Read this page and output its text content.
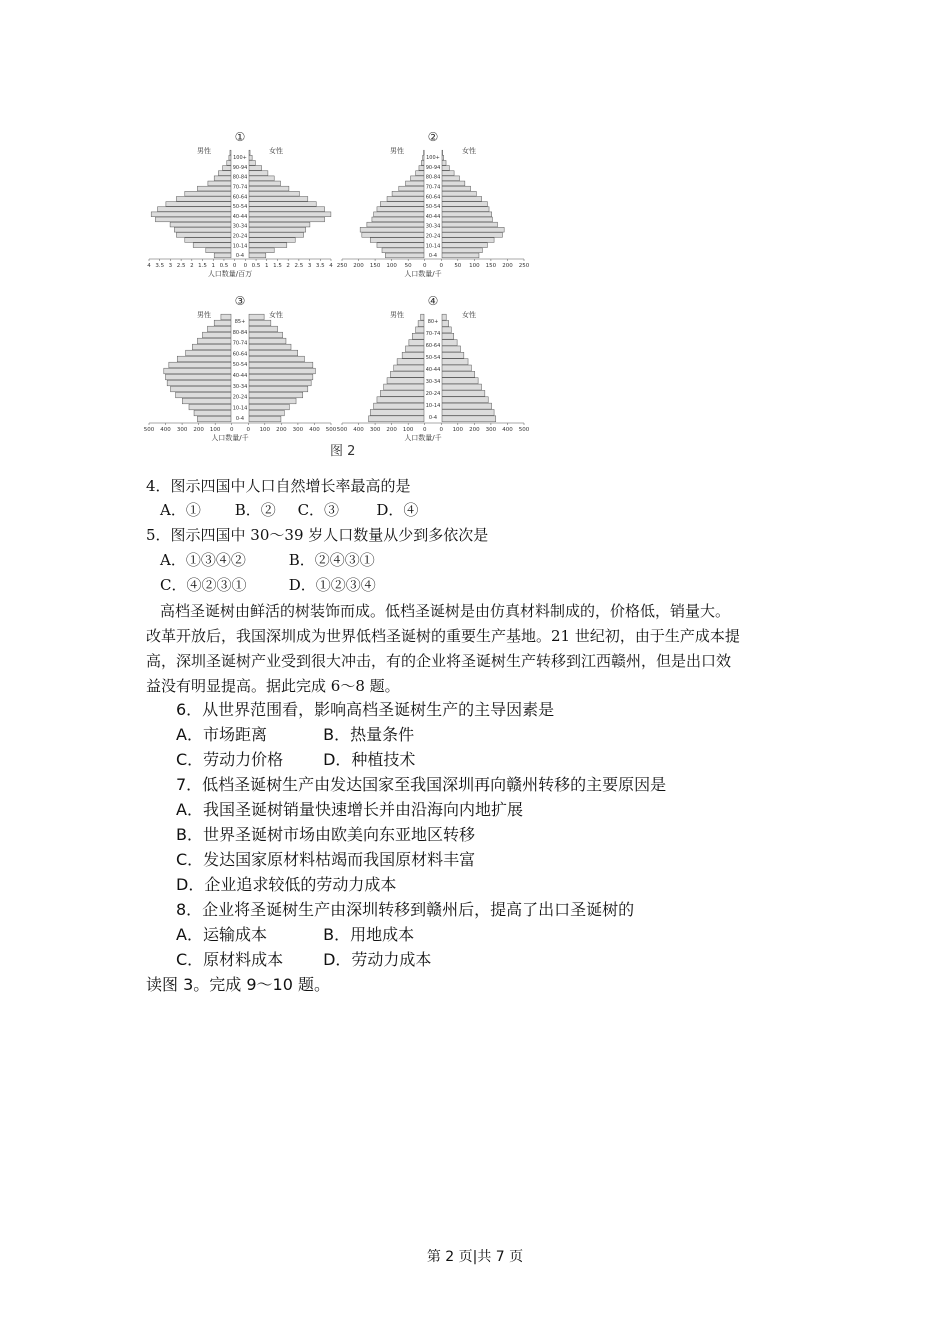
①
男性	女性
100+
90-94
80-84
70-74
60-64
50-54
40-44
30-34
20-24
10-14
0-4
4 3.5 3 2.5 2 1.5 1 0.5 0 0 0.5 1 1.5 2 2.5 3 3.5 4
人口数量/百万
②
男性	女性
100+
90-94
80-84
70-74
60-64
50-54
40-44
30-34
20-24
10-14
0-4
250 200 150 100 50 0 0 50 100 150 200 250
人口数量/千
③
男性	女性
85+
80-84
70-74
60-64
50-54
40-44
30-34
20-24
10-14
0-4
500 400 300 200 100 0 0 100 200 300 400 500
人口数量/千
④
男性	女性
80+
70-74
60-64
50-54
40-44
30-34
20-24
10-14
0-4
500 400 300 200 100 0 0 100 200 300 400 500
人口数量/千
图 2
4．图示四国中人口自然增长率最高的是
A．① B．② C．③ D．④
5．图示四国中 30～39 岁人口数量从少到多依次是
A．①③④②	B．②④③①
C．④②③①	D．①②③④
高档圣诞树由鲜活的树装饰而成。低档圣诞树是由仿真材料制成的，价格低，销量大。
改革开放后，我国深圳成为世界低档圣诞树的重要生产基地。21 世纪初，由于生产成本提
高，深圳圣诞树产业受到很大冲击，有的企业将圣诞树生产转移到江西赣州，但是出口效
益没有明显提高。据此完成 6～8 题。
6．从世界范围看，影响高档圣诞树生产的主导因素是
A．市场距离	B．热量条件
C．劳动力价格 D．种植技术
7．低档圣诞树生产由发达国家至我国深圳再向赣州转移的主要原因是
A．我国圣诞树销量快速增长并由沿海向内地扩展
B．世界圣诞树市场由欧美向东亚地区转移
C．发达国家原材料枯竭而我国原材料丰富
D．企业追求较低的劳动力成本
8．企业将圣诞树生产由深圳转移到赣州后，提高了出口圣诞树的
A．运输成本	B．用地成本
C．原材料成本 D．劳动力成本
读图 3。完成 9～10 题。
第 2 页|共 7 页
